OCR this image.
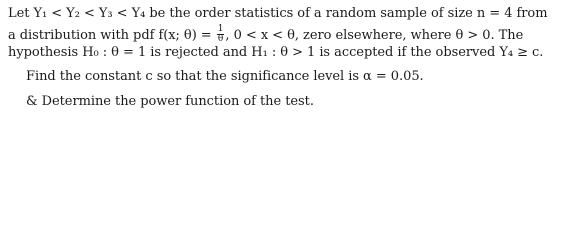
Let Y₁ < Y₂ < Y₃ < Y₄ be the order statistics of a random sample of size n = 4 from
a distribution with pdf f(x; $\theta) = \frac{1}{\theta}$ , 0 < x < θ, zero elsewhere, where θ > 0. The
hypothesis H₀ : θ = 1 is rejected and H₁ : θ > 1 is accepted if the observed Y₄ ≥ c.
Find the constant c so that the significance level is α = 0.05.
& Determine the power function of the test.
